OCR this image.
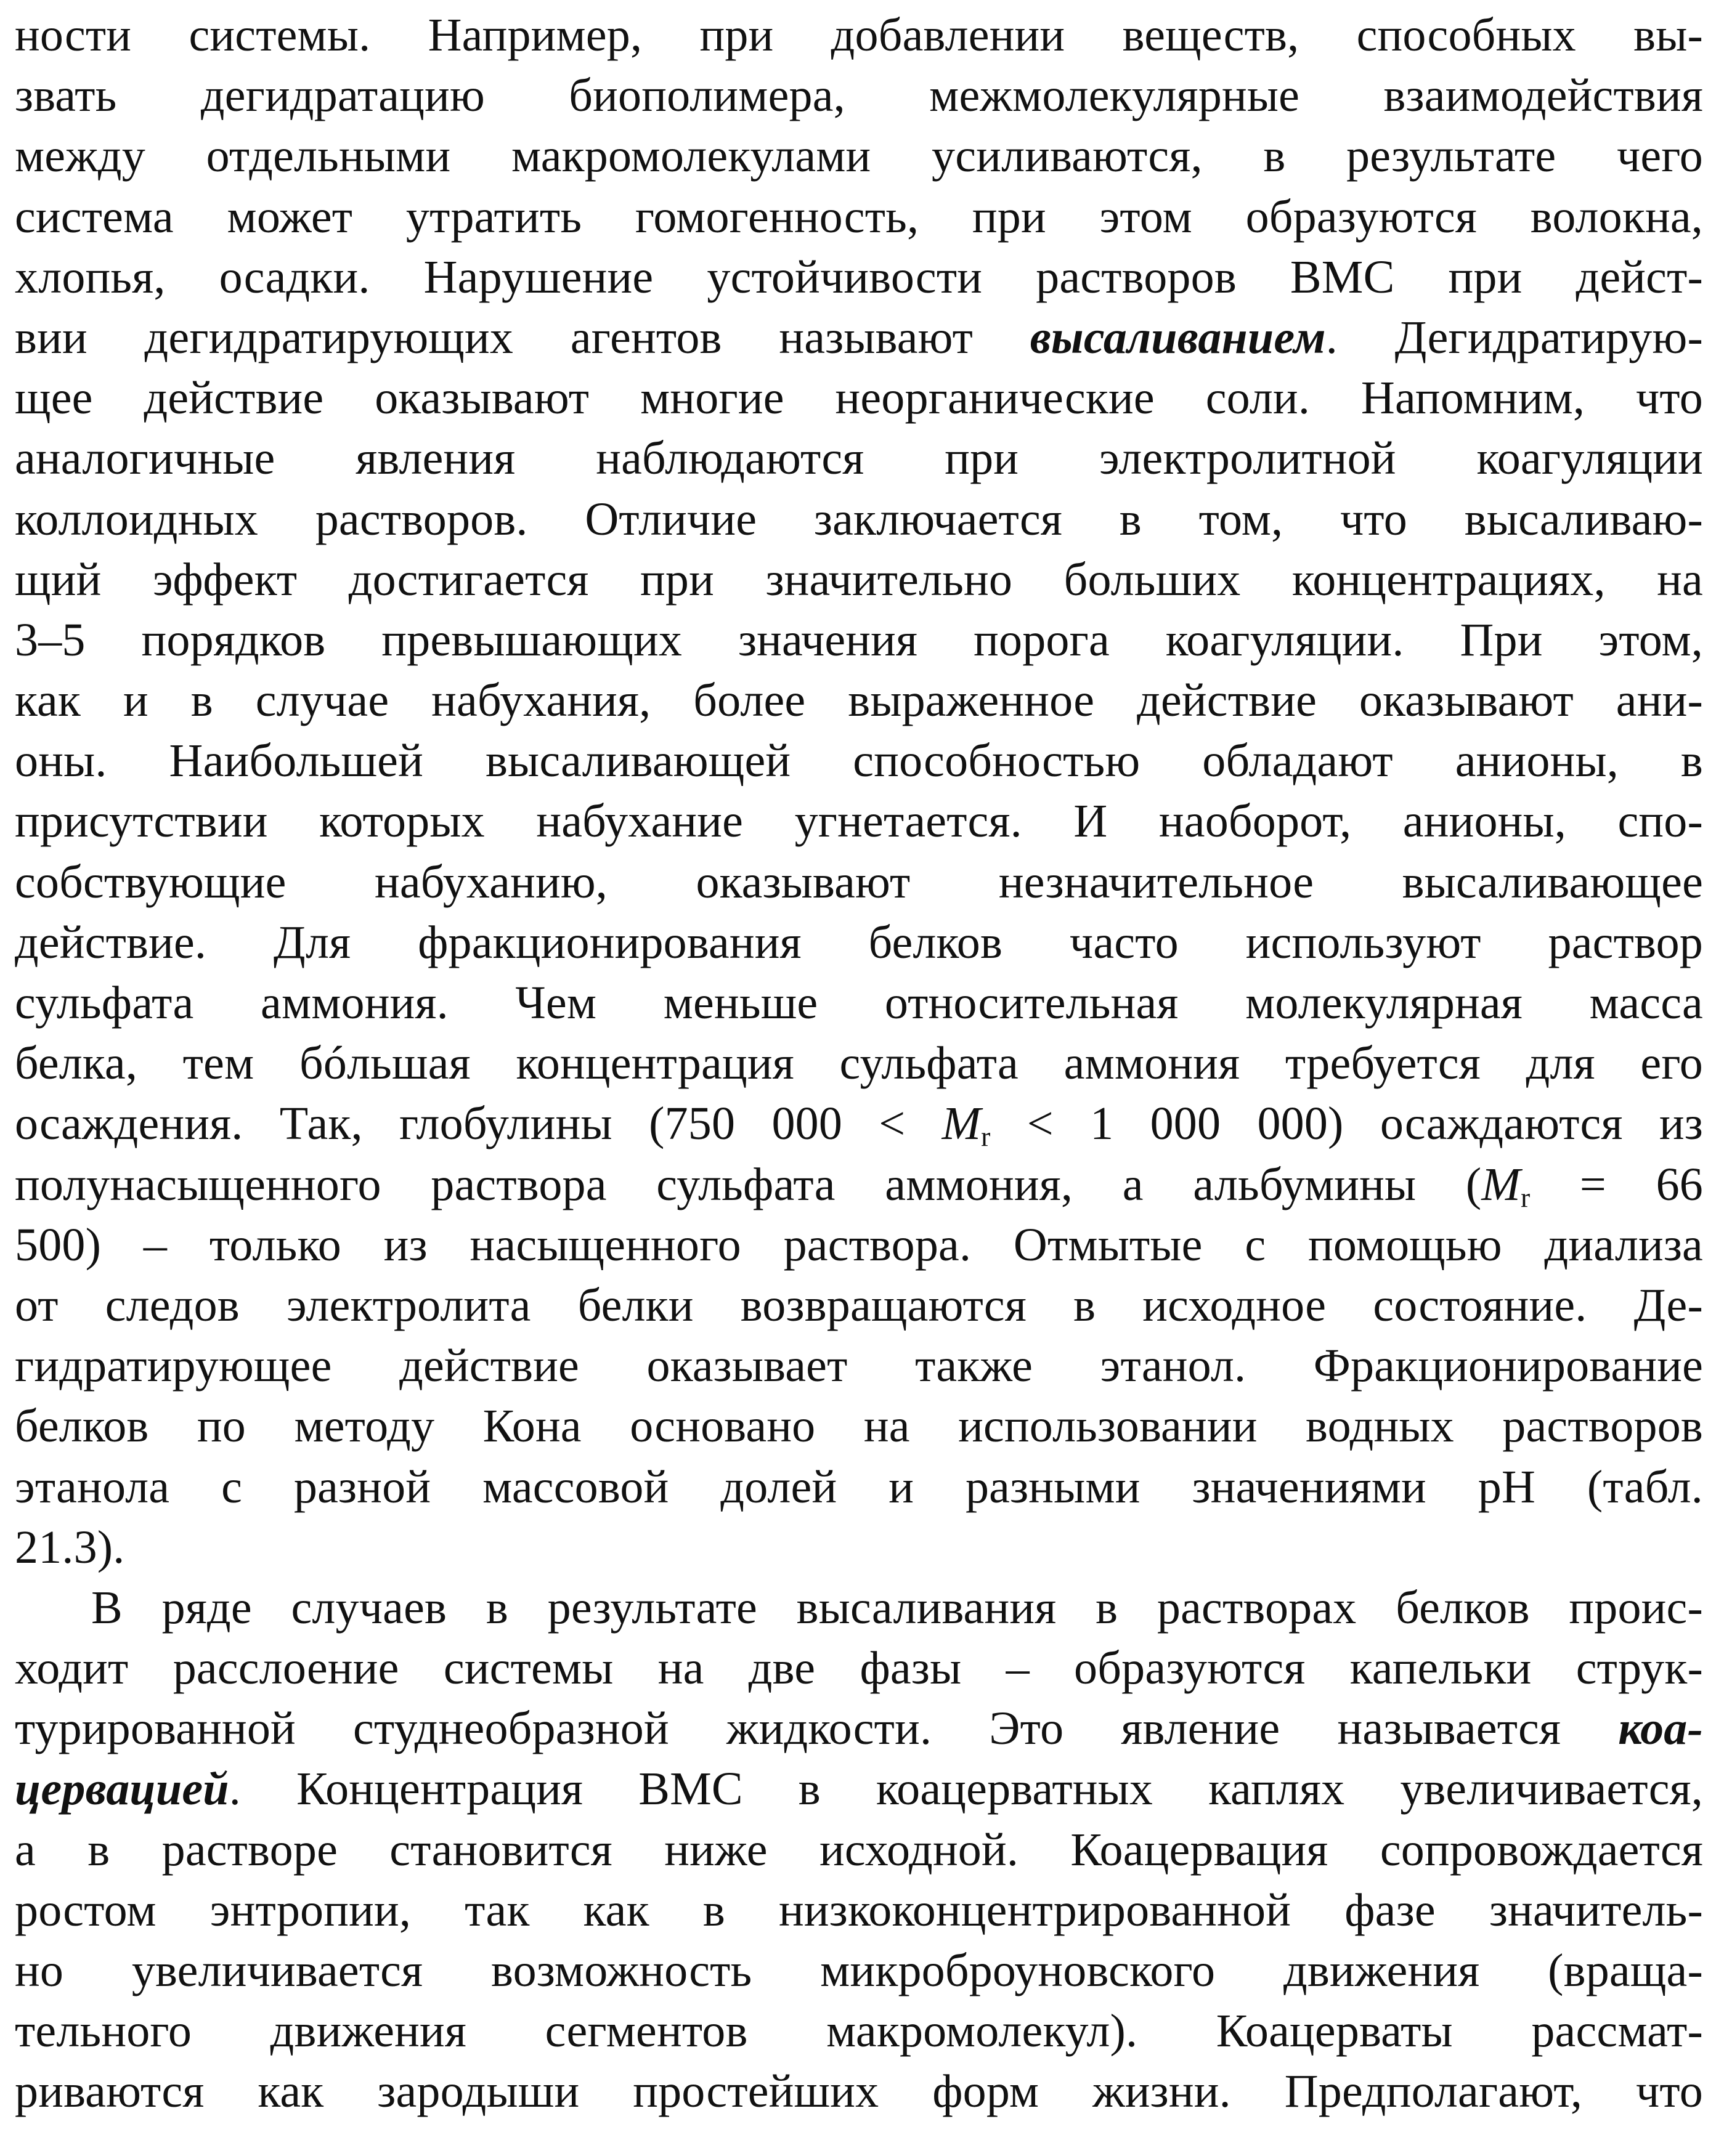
ности системы. Например, при добавлении веществ, способных вы-
звать дегидратацию биополимера, межмолекулярные взаимодействия
между отдельными макромолекулами усиливаются, в результате чего
система может утратить гомогенность, при этом образуются волокна,
хлопья, осадки. Нарушение устойчивости растворов ВМС при дейст-
вии дегидратирующих агентов называют высаливанием. Дегидратирую-
щее действие оказывают многие неорганические соли. Напомним, что
аналогичные явления наблюдаются при электролитной коагуляции
коллоидных растворов. Отличие заключается в том, что высаливаю-
щий эффект достигается при значительно больших концентрациях, на
3–5 порядков превышающих значения порога коагуляции. При этом,
как и в случае набухания, более выраженное действие оказывают ани-
оны. Наибольшей высаливающей способностью обладают анионы, в
присутствии которых набухание угнетается. И наоборот, анионы, спо-
собствующие набуханию, оказывают незначительное высаливающее
действие. Для фракционирования белков часто используют раствор
сульфата аммония. Чем меньше относительная молекулярная масса
белка, тем бóльшая концентрация сульфата аммония требуется для его
осаждения. Так, глобулины (750 $000 < M_r < 1$ 000 000) осаждаются из
полунасыщенного раствора сульфата аммония, а альбумины ($M_r = 66$
500) – только из насыщенного раствора. Отмытые с помощью диализа
от следов электролита белки возвращаются в исходное состояние. Де-
гидратирующее действие оказывает также этанол. Фракционирование
белков по методу Кона основано на использовании водных растворов
этанола с разной массовой долей и разными значениями pH (табл.
21.3).
В ряде случаев в результате высаливания в растворах белков проис-
ходит расслоение системы на две фазы – образуются капельки струк-
турированной студнеобразной жидкости. Это явление называется коа-
цервацией. Концентрация ВМС в коацерватных каплях увеличивается,
а в растворе становится ниже исходной. Коацервация сопровождается
ростом энтропии, так как в низкоконцентрированной фазе значитель-
но увеличивается возможность микроброуновского движения (враща-
тельного движения сегментов макромолекул). Коацерваты рассмат-
риваются как зародыши простейших форм жизни. Предполагают, что
